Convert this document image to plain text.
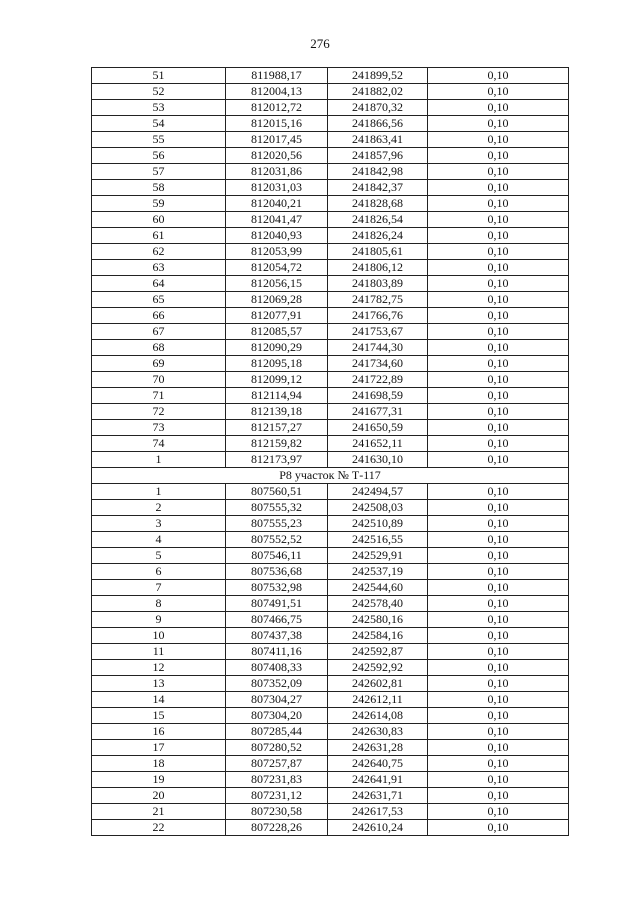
276
51	811988,17	241899,52	0,10
52	812004,13	241882,02	0,10
53	812012,72	241870,32	0,10
54	812015,16	241866,56	0,10
55	812017,45	241863,41	0,10
56	812020,56	241857,96	0,10
57	812031,86	241842,98	0,10
58	812031,03	241842,37	0,10
59	812040,21	241828,68	0,10
60	812041,47	241826,54	0,10
61	812040,93	241826,24	0,10
62	812053,99	241805,61	0,10
63	812054,72	241806,12	0,10
64	812056,15	241803,89	0,10
65	812069,28	241782,75	0,10
66	812077,91	241766,76	0,10
67	812085,57	241753,67	0,10
68	812090,29	241744,30	0,10
69	812095,18	241734,60	0,10
70	812099,12	241722,89	0,10
71	812114,94	241698,59	0,10
72	812139,18	241677,31	0,10
73	812157,27	241650,59	0,10
74	812159,82	241652,11	0,10
1	812173,97	241630,10	0,10
Р8 участок № Т-117			
1	807560,51	242494,57	0,10
2	807555,32	242508,03	0,10
3	807555,23	242510,89	0,10
4	807552,52	242516,55	0,10
5	807546,11	242529,91	0,10
6	807536,68	242537,19	0,10
7	807532,98	242544,60	0,10
8	807491,51	242578,40	0,10
9	807466,75	242580,16	0,10
10	807437,38	242584,16	0,10
11	807411,16	242592,87	0,10
12	807408,33	242592,92	0,10
13	807352,09	242602,81	0,10
14	807304,27	242612,11	0,10
15	807304,20	242614,08	0,10
16	807285,44	242630,83	0,10
17	807280,52	242631,28	0,10
18	807257,87	242640,75	0,10
19	807231,83	242641,91	0,10
20	807231,12	242631,71	0,10
21	807230,58	242617,53	0,10
22	807228,26	242610,24	0,10
